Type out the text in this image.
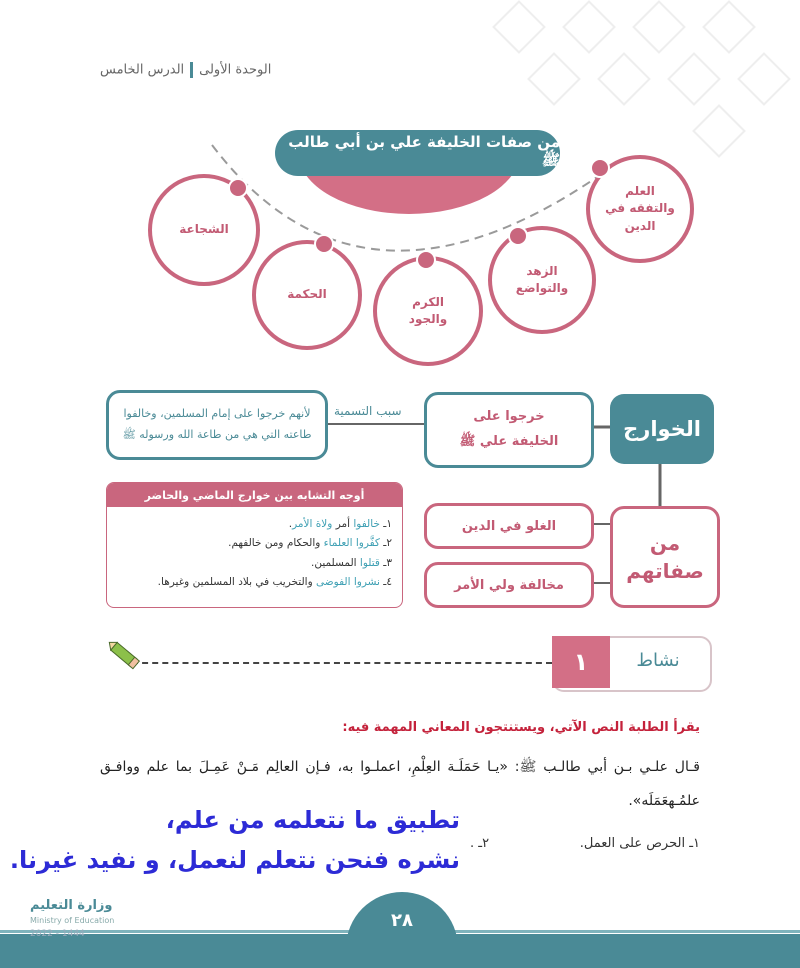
الوحدة الأولىالدرس الخامس
من صفات الخليفة علي بن أبي طالب ﷺ
العلم
والتفقه في
الدين
الزهد
والتواضع
الكرم
والجود
الحكمة
الشجاعة
الخوارج
خرجوا على
الخليفة علي ﷺ
سبب التسمية
لأنهم خرجوا على إمام المسلمين، وخالفوا طاعته التي هي من طاعة الله ورسوله ﷺ
من
صفاتهم
الغلو في الدين
مخالفة ولي الأمر
أوجه التشابه بين خوارج الماضي والحاضر
١ـ خالفوا أمر ولاة الأمر.
٢ـ كفَّروا العلماء والحكام ومن خالفهم.
٣ـ قتلوا المسلمين.
٤ـ نشروا الفوضى والتخريب في بلاد المسلمين وغيرها.
١	نشاط
يقرأ الطلبة النص الآتي، ويستنتجون المعاني المهمة فيه:
قـال علـي بـن أبي طالـب ﷺ: «يـا حَمَلَـة العِلْمِ، اعملـوا به، فـإن العالِم مَـنْ عَمِـلَ بما علم ووافـق علمُـهعَمَلَه».
١ـ الحرص على العمل.
٢ـ .
تطبيق ما نتعلمه من علم،
نشره فنحن نتعلم لنعمل، و نفيد غيرنا.
٢٨
وزارة التعليم
Ministry of Education
2022 - 1444
